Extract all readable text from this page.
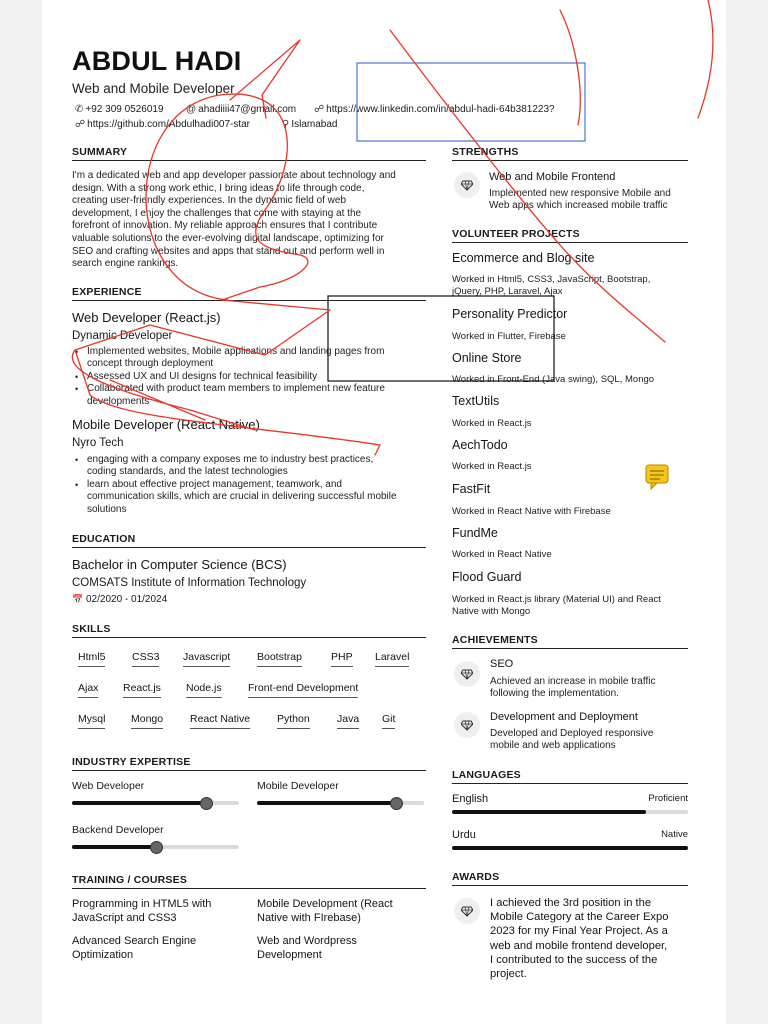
ABDUL HADI
Web and Mobile Developer
✆ +92 309 0526019 @ ahadiiii47@gmail.com ☍ https://www.linkedin.com/in/abdul-hadi-64b381223?
☍ https://github.com/Abdulhadi007-star	⚲ Islamabad
SUMMARY
I'm a dedicated web and app developer passionate about technology and
design. With a strong work ethic, I bring ideas to life through code,
creating user-friendly experiences. In the dynamic field of web
development, I enjoy the challenges that come with staying at the
forefront of innovation. My reliable approach ensures that I contribute
valuable solutions to the ever-evolving digital landscape, optimizing for
SEO and crafting websites and apps that stand out and perform well in
search engine rankings.
EXPERIENCE
Web Developer (React.js)
Dynamic Developer
• Implemented websites, Mobile applications and landing pages from
concept through deployment
• Assessed UX and UI designs for technical feasibility
• Collaborated with product team members to implement new feature
developments
Mobile Developer (React Native)
Nyro Tech
• engaging with a company exposes me to industry best practices,
coding standards, and the latest technologies
• learn about effective project management, teamwork, and
communication skills, which are crucial in delivering successful mobile
solutions
EDUCATION
Bachelor in Computer Science (BCS)
COMSATS Institute of Information Technology
📅 02/2020 - 01/2024
SKILLS
Html5	CSS3 Javascript	Bootstrap	PHP Laravel
Ajax React.js Node.js	Front-end Development
Mysql Mongo	React Native	Python	Java Git
INDUSTRY EXPERTISE
Web Developer	Mobile Developer
Backend Developer
TRAINING / COURSES
Programming in HTML5 with
JavaScript and CSS3
Mobile Development (React
Native with FIrebase)
Advanced Search Engine
Optimization
Web and Wordpress
Development
STRENGTHS
Web and Mobile Frontend
Implemented new responsive Mobile and
Web apps which increased mobile traffic
VOLUNTEER PROJECTS
Ecommerce and Blog site
Worked in Html5, CSS3, JavaScript, Bootstrap,
jQuery, PHP, Laravel, Ajax
Personality Predictor
Worked in Flutter, Firebase
Online Store
Worked in Front-End (Java swing), SQL, Mongo
TextUtils
Worked in React.js
AechTodo
Worked in React.js
FastFit
Worked in React Native with Firebase
FundMe
Worked in React Native
Flood Guard
Worked in React.js library (Material UI) and React
Native with Mongo
ACHIEVEMENTS
SEO
Achieved an increase in mobile traffic
following the implementation.
Development and Deployment
Developed and Deployed responsive
mobile and web applications
LANGUAGES
English	Proficient
Urdu	Native
AWARDS
I achieved the 3rd position in the
Mobile Category at the Career Expo
2023 for my Final Year Project. As a
web and mobile frontend developer,
I contributed to the success of the
project.
